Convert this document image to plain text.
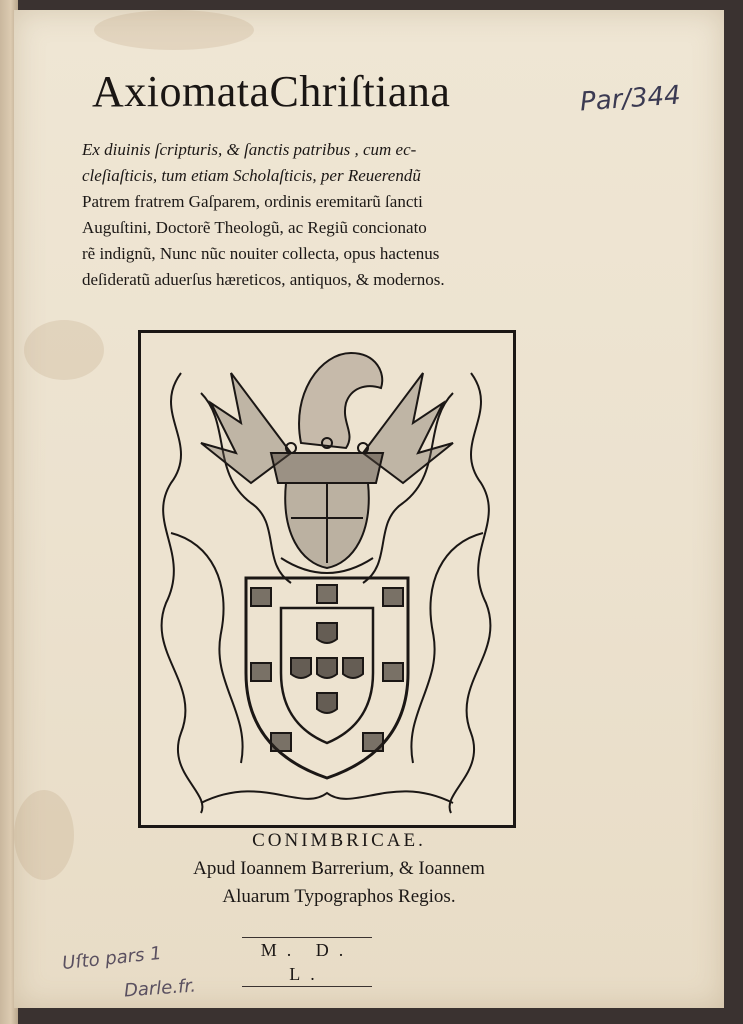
AxiomataChriſtiana	Par/344
Ex diuinis ſcripturis, & ſanctis patribus , cum ec-
cleſiaſticis, tum etiam Scholaſticis, per Reuerendũ
Patrem fratrem Gaſparem, ordinis eremitarũ ſancti
Auguſtini, Doctorẽ Theologũ, ac Regiũ concionato
rẽ indignũ, Nunc nũc nouiter collecta, opus hactenus
deſideratũ aduerſus hæreticos, antiquos, & modernos.
CONIMBRICAE.
Apud Ioannem Barrerium, & Ioannem
Aluarum Typographos Regios.
M. D. L.
Uſto pars 1
Darle.fr.
